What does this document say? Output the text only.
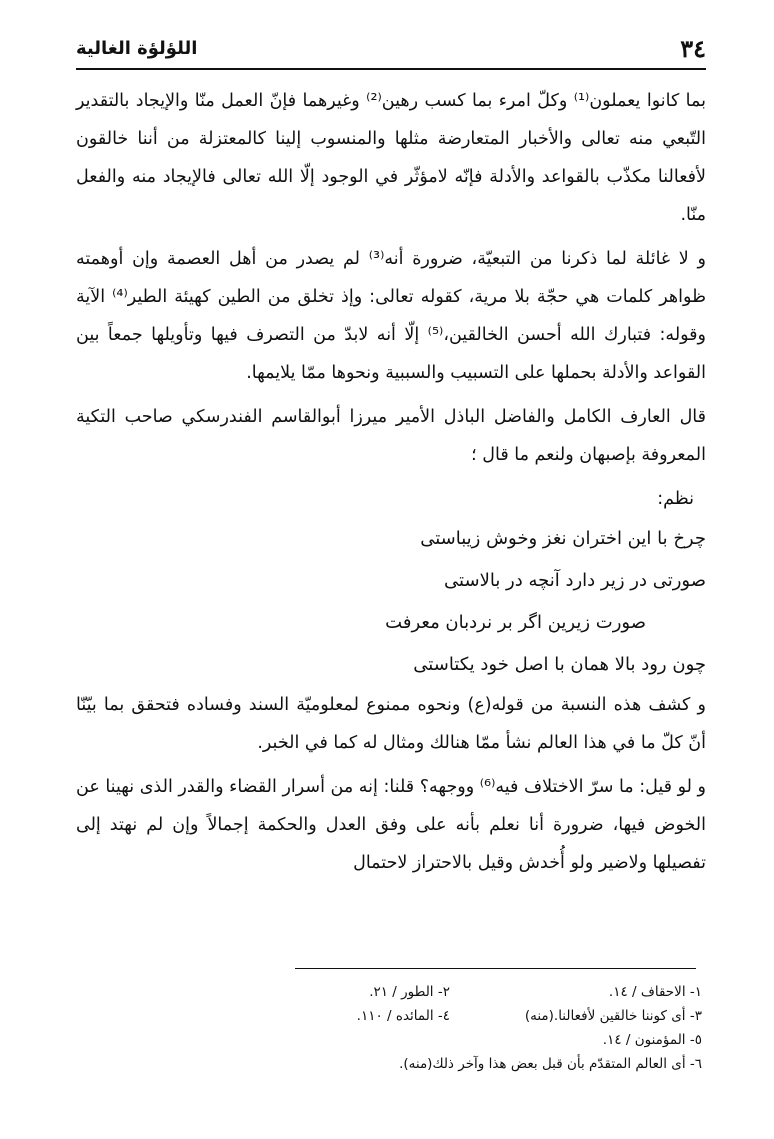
٣٤
اللؤلؤة الغالية

بما كانوا يعملون⁽¹⁾ وكلّ امرء بما كسب رهين⁽²⁾ وغيرهما فإنّ العمل منّا والإيجاد بالتقدير التّبعي منه تعالى والأخبار المتعارضة مثلها والمنسوب إلينا كالمعتزلة من أننا خالقون لأفعالنا مكذّب بالقواعد والأدلة فإنّه لامؤثّر في الوجود إلّا الله تعالى فالإيجاد منه والفعل منّا.

و لا غائلة لما ذكرنا من التبعيّة، ضرورة أنه⁽³⁾ لم يصدر من أهل العصمة وإن أوهمته ظواهر كلمات هي حجّة بلا مرية، كقوله تعالى: وإذ تخلق من الطين كهيئة الطير⁽⁴⁾ الآية وقوله: فتبارك الله أحسن الخالقين،⁽⁵⁾ إلّا أنه لابدّ من التصرف فيها وتأويلها جمعاً بين القواعد والأدلة بحملها على التسبيب والسببية ونحوها ممّا يلايمها.

قال العارف الكامل والفاضل الباذل الأمير ميرزا أبوالقاسم الفندرسكي صاحب التكية المعروفة بإصبهان ولنعم ما قال ؛

نظم:
چرخ با اين اختران نغز وخوش زيباستى
صورتى در زير دارد آنچه در بالاستى
صورت زيرين اگر بر نردبان معرفت
چون رود بالا همان با اصل خود يكتاستى

و كشف هذه النسبة من قوله(ع) ونحوه ممنوع لمعلوميّة السند وفساده فتحقق بما بيّنّا أنّ كلّ ما في هذا العالم نشأ ممّا هنالك ومثال له كما في الخبر.

و لو قيل: ما سرّ الاختلاف فيه⁽⁶⁾ ووجهه؟ قلنا: إنه من أسرار القضاء والقدر الذى نهينا عن الخوض فيها، ضرورة أنا نعلم بأنه على وفق العدل والحكمة إجمالاً وإن لم نهتد إلى تفصيلها ولاضير ولو أُخدش وقيل بالاحتراز لاحتمال

١- الاحقاف / ١٤.
٢- الطور / ٢١.
٣- أى كوننا خالقين لأفعالنا.(منه)
٤- المائده / ١١٠.
٥- المؤمنون / ١٤.
٦- أى العالم المتقدّم بأن قبل بعض هذا وآخر ذلك(منه).
